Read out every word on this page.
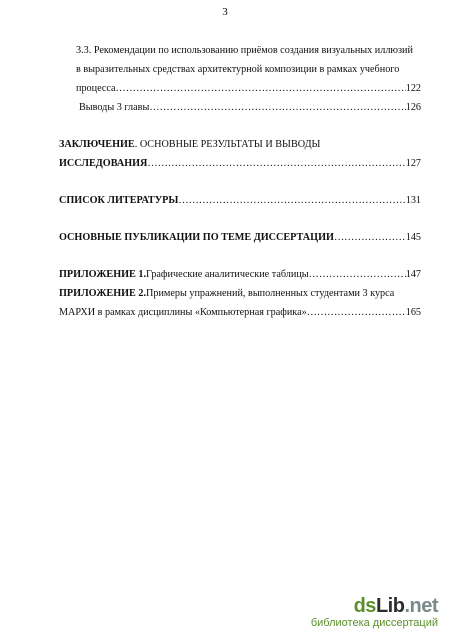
3
3.3. Рекомендации по использованию приёмов создания визуальных иллюзий
в выразительных средствах архитектурной композиции в рамках учебного
процесса… …………………………………………………………………………………………………………………………	122
Выводы 3 главы …………………………………………………………………………………………………………………………	126
ЗАКЛЮЧЕНИЕ . ОСНОВНЫЕ РЕЗУЛЬТАТЫ И ВЫВОДЫ
ИССЛЕДОВАНИЯ …………………………………………………………………………………………………………………………	127
СПИСОК ЛИТЕРАТУРЫ …………………………………………………………………………………………………………………………	131
ОСНОВНЫЕ ПУБЛИКАЦИИ ПО ТЕМЕ ДИССЕРТАЦИИ …………………………………………………………………………………………………………………………	145
ПРИЛОЖЕНИЕ 1. Графические аналитические таблицы …………………………………………………………………………………………………………………………	147
ПРИЛОЖЕНИЕ 2. Примеры упражнений, выполненных студентами 3 курса
МАРХИ в рамках дисциплины «Компьютерная графика» …………………………………………………………………………………………………………………………	165
dsLib.net
библиотека диссертаций
